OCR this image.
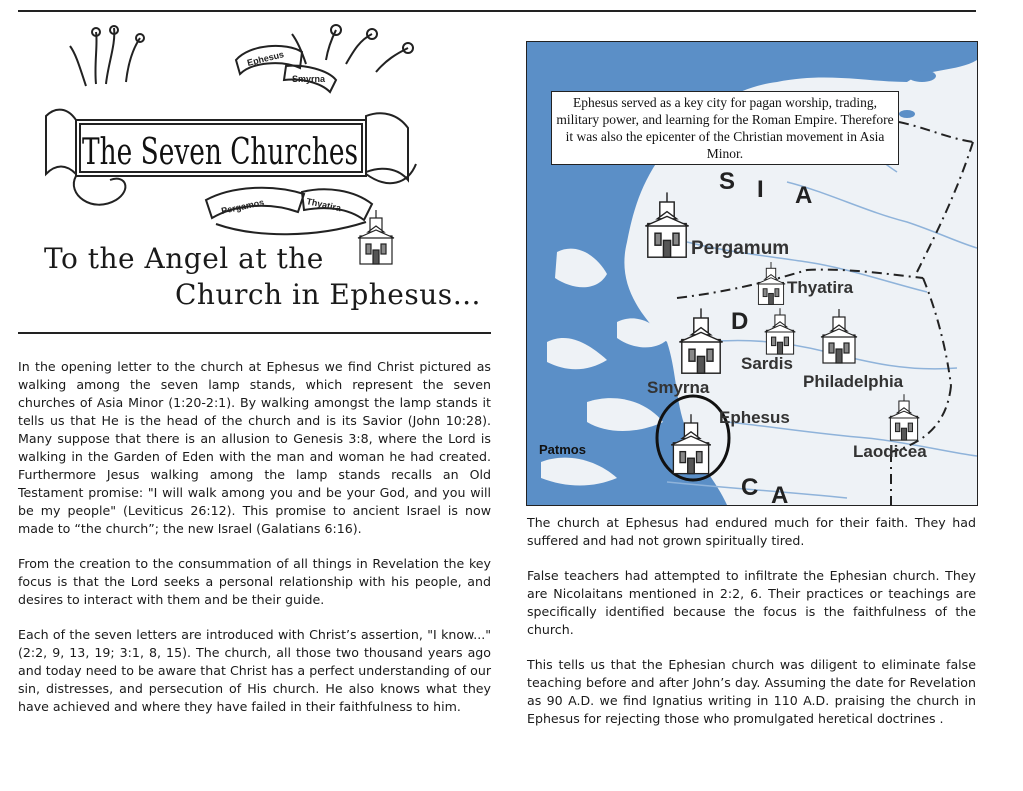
The Seven Churches
Ephesus
Smyrna
Pergamos	Thyatira
To the Angel at the
Church in Ephesus…

In the opening letter to the church at Ephesus we find Christ pictured as walking among the seven lamp stands, which represent the seven churches of Asia Minor (1:20-2:1). By walking amongst the lamp stands it tells us that He is the head of the church and is its Savior (John 10:28). Many suppose that there is an allusion to Genesis 3:8, where the Lord is walking in the Garden of Eden with the man and woman he had created. Furthermore Jesus walking among the lamp stands recalls an Old Testament promise: "I will walk among you and be your God, and you will be my people" (Leviticus 26:12). This promise to ancient Israel is now made to “the church”; the new Israel (Galatians 6:16).

From the creation to the consummation of all things in Revelation the key focus is that the Lord seeks a personal relationship with his people, and desires to interact with them and be their guide.

Each of the seven letters are introduced with Christ’s assertion, "I know..." (2:2, 9, 13, 19; 3:1, 8, 15). The church, all those two thousand years ago and today need to be aware that Christ has a perfect understanding of our sin, distresses, and persecution of His church. He also knows what they have achieved and where they have failed in their faithfulness to him.

Ephesus served as a key city for pagan worship, trading, military power, and learning for the Roman Empire. Therefore it was also the epicenter of the Christian movement in Asia Minor.
S I A
D
C A
Pergamum
Thyatira
Sardis
Philadelphia
Smyrna
Ephesus
Laodicea
Patmos

The church at Ephesus had endured much for their faith. They had suffered and had not grown spiritually tired.

False teachers had attempted to infiltrate the Ephesian church. They are Nicolaitans mentioned in 2:2, 6. Their practices or teachings are specifically identified because the focus is the faithfulness of the church.

This tells us that the Ephesian church was diligent to eliminate false teaching before and after John’s day. Assuming the date for Revelation as 90 A.D. we find Ignatius writing in 110 A.D. praising the church in Ephesus for rejecting those who promulgated heretical doctrines .
